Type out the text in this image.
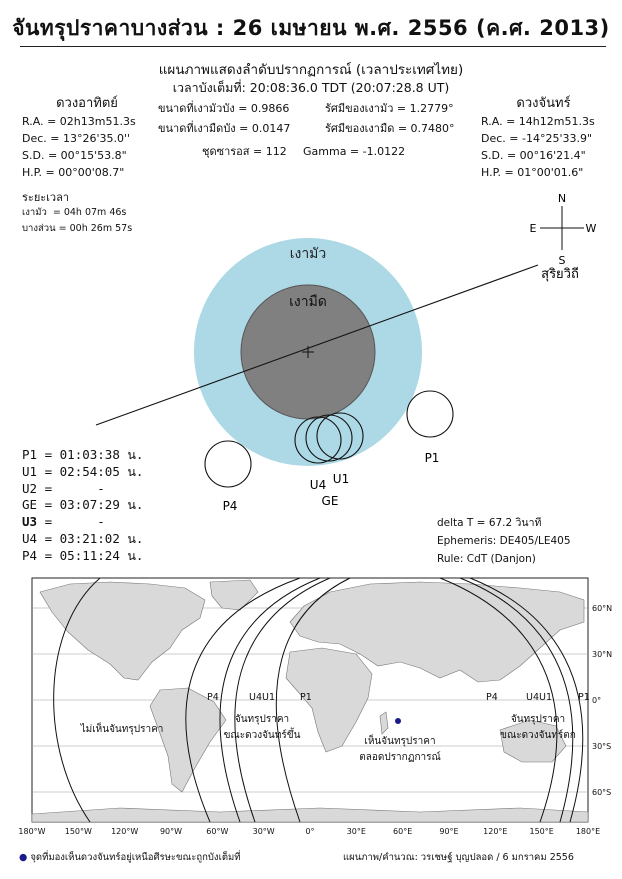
จันทรุปราคาบางส่วน : 26 เมษายน พ.ศ. 2556 (ค.ศ. 2013)
แผนภาพแสดงลำดับปรากฏการณ์ (เวลาประเทศไทย)
เวลาบังเต็มที่: 20:08:36.0 TDT (20:07:28.8 UT)
ดวงอาทิตย์
R.A. = 02h13m51.3s
Dec. = 13°26'35.0''
S.D. = 00°15'53.8"
H.P. = 00°00'08.7"
ดวงจันทร์
R.A. = 14h12m51.3s
Dec. = -14°25'33.9"
S.D. = 00°16'21.4"
H.P. = 01°00'01.6"
ขนาดที่เงามัวบัง = 0.9866
ขนาดที่เงามืดบัง = 0.0147
รัศมีของเงามัว = 1.2779°
รัศมีของเงามืด = 0.7480°
ชุดซารอส = 112 Gamma = -1.0122
ระยะเวลา
เงามัว  = 04h 07m 46s
บางส่วน = 00h 26m 57s
เงามัว
เงามืด
P4
P1
U4 U1
GE
สุริยวิถี
N
S
E	W
P1 = 01:03:38 น.
U1 = 02:54:05 น.
U2 =      -
GE = 03:07:29 น.
U3 =      -
U4 = 03:21:02 น.
P4 = 05:11:24 น.
delta T = 67.2 วินาที
Ephemeris: DE405/LE405
Rule: CdT (Danjon)
P4	U4 U1	P1	P4	U4 U1	P1
ไม่เห็นจันทรุปราคา
จันทรุปราคา
ขณะดวงจันทร์ขึ้น
เห็นจันทรุปราคา
ตลอดปรากฏการณ์
จันทรุปราคา
ขณะดวงจันทร์ตก
180°W 150°W 120°W	90°W	60°W	30°W	0°	30°E	60°E	90°E	120°E	150°E	180°E
60°N
30°N
0°
30°S
60°S
● จุดที่มองเห็นดวงจันทร์อยู่เหนือศีรษะขณะถูกบังเต็มที่	แผนภาพ/คำนวณ: วรเชษฐ์ บุญปลอด / 6 มกราคม 2556
